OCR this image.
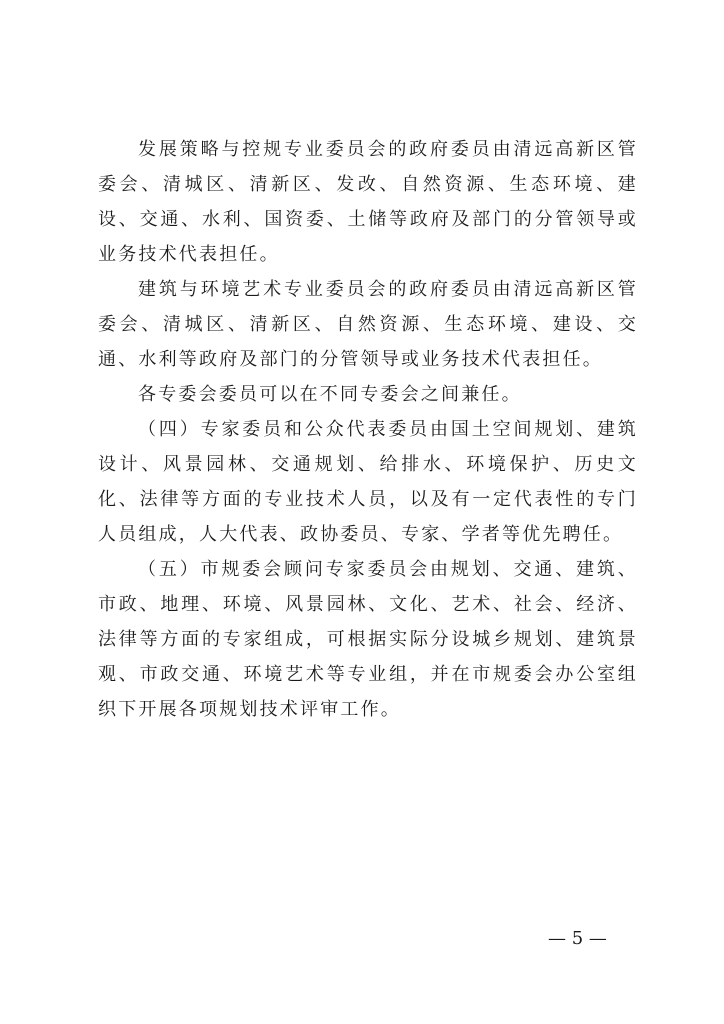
发展策略与控规专业委员会的政府委员由清远高新区管委会、清城区、清新区、发改、自然资源、生态环境、建设、交通、水利、国资委、土储等政府及部门的分管领导或业务技术代表担任。

建筑与环境艺术专业委员会的政府委员由清远高新区管委会、清城区、清新区、自然资源、生态环境、建设、交通、水利等政府及部门的分管领导或业务技术代表担任。

各专委会委员可以在不同专委会之间兼任。

（四）专家委员和公众代表委员由国土空间规划、建筑设计、风景园林、交通规划、给排水、环境保护、历史文化、法律等方面的专业技术人员，以及有一定代表性的专门人员组成，人大代表、政协委员、专家、学者等优先聘任。

（五）市规委会顾问专家委员会由规划、交通、建筑、市政、地理、环境、风景园林、文化、艺术、社会、经济、法律等方面的专家组成，可根据实际分设城乡规划、建筑景观、市政交通、环境艺术等专业组，并在市规委会办公室组织下开展各项规划技术评审工作。

— 5 —
